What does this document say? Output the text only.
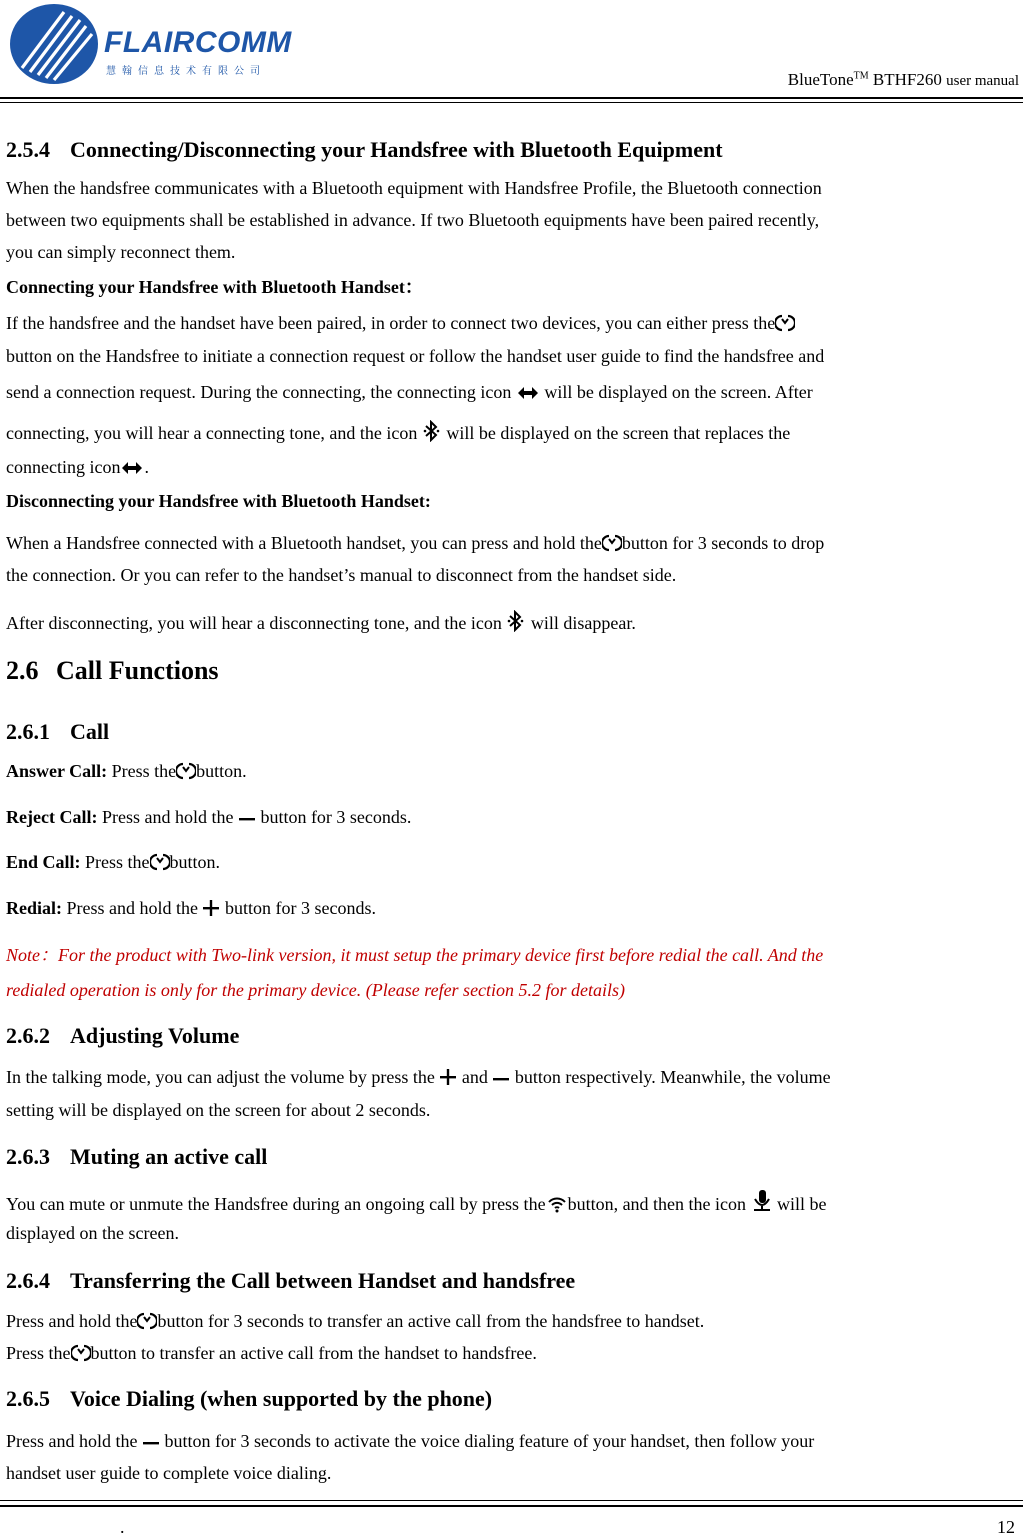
FLAIRCOMM
慧翰信息技术有限公司	BlueTone™ BTHF260 user manual
2.5.4 Connecting/Disconnecting your Handsfree with Bluetooth Equipment
When the handsfree communicates with a Bluetooth equipment with Handsfree Profile, the Bluetooth connection
between two equipments shall be established in advance. If two Bluetooth equipments have been paired recently,
you can simply reconnect them.
Connecting your Handsfree with Bluetooth Handset：
If the handsfree and the handset have been paired, in order to connect two devices, you can either press the
button on the Handsfree to initiate a connection request or follow the handset user guide to find the handsfree and
send a connection request. During the connecting, the connecting icon will be displayed on the screen. After
connecting, you will hear a connecting tone, and the icon will be displayed on the screen that replaces the
connecting icon .
Disconnecting your Handsfree with Bluetooth Handset:
When a Handsfree connected with a Bluetooth handset, you can press and hold the button for 3 seconds to drop
the connection. Or you can refer to the handset’s manual to disconnect from the handset side.
After disconnecting, you will hear a disconnecting tone, and the icon will disappear.
2.6 Call Functions
2.6.1 Call
Answer Call: Press the button.
Reject Call: Press and hold the button for 3 seconds.
End Call: Press the button.
Redial: Press and hold the button for 3 seconds.
Note：For the product with Two-link version, it must setup the primary device first before redial the call. And the
redialed operation is only for the primary device. (Please refer section 5.2 for details)
2.6.2 Adjusting Volume
In the talking mode, you can adjust the volume by press the and button respectively. Meanwhile, the volume
setting will be displayed on the screen for about 2 seconds.
2.6.3 Muting an active call
You can mute or unmute the Handsfree during an ongoing call by press the button, and then the icon will be
displayed on the screen.
2.6.4 Transferring the Call between Handset and handsfree
Press and hold the button for 3 seconds to transfer an active call from the handsfree to handset.
Press the button to transfer an active call from the handset to handsfree.
2.6.5 Voice Dialing (when supported by the phone)
Press and hold the button for 3 seconds to activate the voice dialing feature of your handset, then follow your
handset user guide to complete voice dialing.
.	12
